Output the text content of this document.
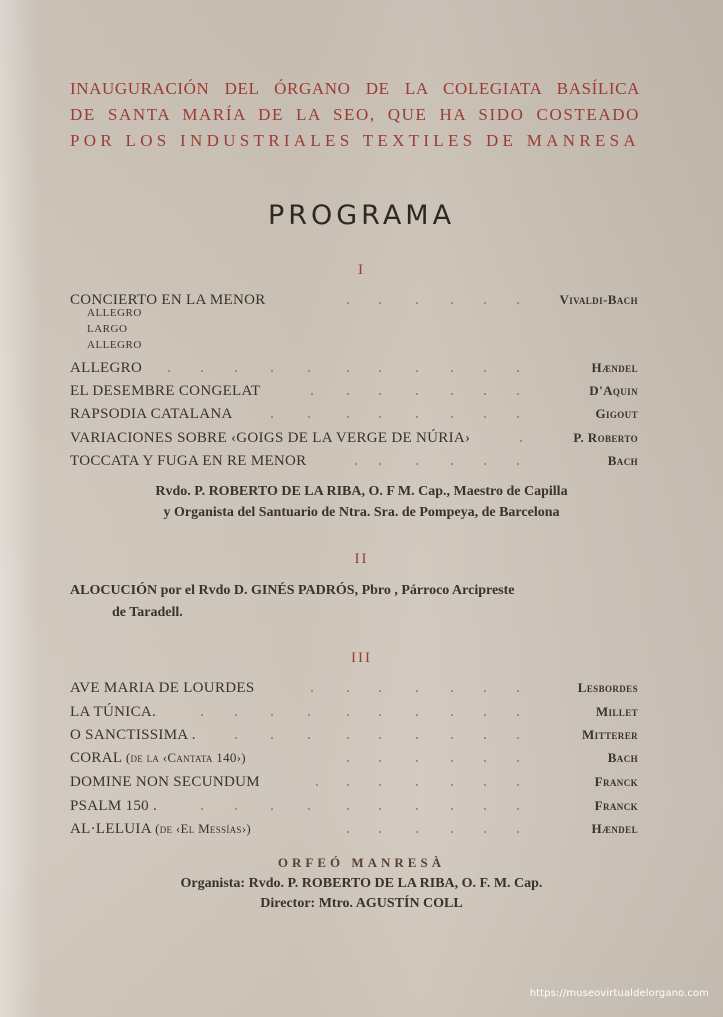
INAUGURACIÓN DEL ÓRGANO DE LA COLEGIATA BASÍLICA
DE SANTA MARÍA DE LA SEO, QUE HA SIDO COSTEADO
POR LOS INDUSTRIALES TEXTILES DE MANRESA
PROGRAMA
I
CONCIERTO EN LA MENOR	Vivaldi-Bach
ALLEGRO
LARGO
ALLEGRO
ALLEGRO	Hændel
EL DESEMBRE CONGELAT	D'Aquin
RAPSODIA CATALANA	Gigout
VARIACIONES SOBRE ‹GOIGS DE LA VERGE DE NÚRIA›	P. Roberto
TOCCATA Y FUGA EN RE MENOR	Bach
Rvdo. P. ROBERTO DE LA RIBA, O. F M. Cap., Maestro de Capilla
y Organista del Santuario de Ntra. Sra. de Pompeya, de Barcelona
II
ALOCUCIÓN por el Rvdo D. GINÉS PADRÓS, Pbro , Párroco Arcipreste
de Taradell.
III
AVE MARIA DE LOURDES	Lesbordes
LA TÚNICA.	Millet
O SANCTISSIMA .	Mitterer
CORAL (de la ‹Cantata 140›)	Bach
DOMINE NON SECUNDUM	Franck
PSALM 150 .	Franck
AL·LELUIA (de ‹El Messías›)	Hændel
ORFEÓ MANRESÀ
Organista: Rvdo. P. ROBERTO DE LA RIBA, O. F. M. Cap.
Director: Mtro. AGUSTÍN COLL
https://museovirtualdelorgano.com
